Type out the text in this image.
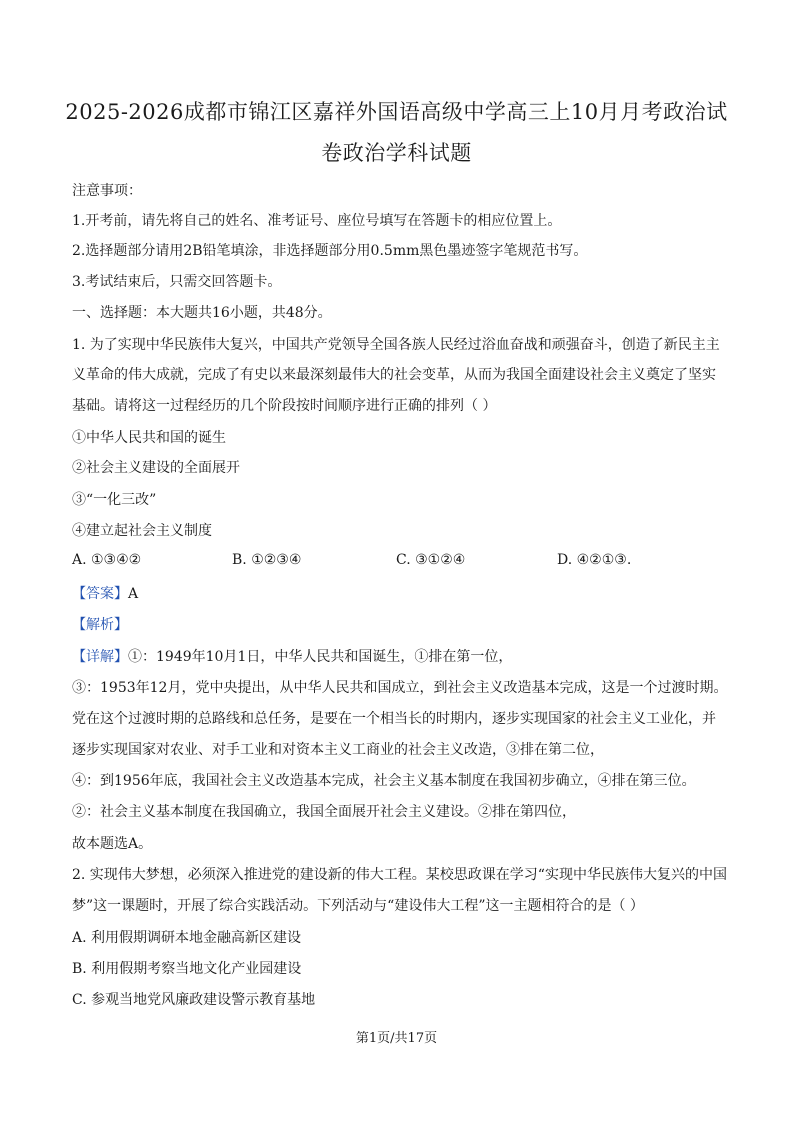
2025-2026成都市锦江区嘉祥外国语高级中学高三上10月月考政治试
卷政治学科试题
注意事项：
1.开考前，请先将自己的姓名、准考证号、座位号填写在答题卡的相应位置上。
2.选择题部分请用2B铅笔填涂，非选择题部分用0.5mm黑色墨迹签字笔规范书写。
3.考试结束后，只需交回答题卡。
一、选择题：本大题共16小题，共48分。
1. 为了实现中华民族伟大复兴，中国共产党领导全国各族人民经过浴血奋战和顽强奋斗，创造了新民主主
义革命的伟大成就，完成了有史以来最深刻最伟大的社会变革，从而为我国全面建设社会主义奠定了坚实
基础。请将这一过程经历的几个阶段按时间顺序进行正确的排列（ ）
①中华人民共和国的诞生
②社会主义建设的全面展开
③“一化三改”
④建立起社会主义制度
A. ①③④②	B. ①②③④	C. ③①②④	D. ④②①③.
【答案】A
【解析】
【详解】①：1949年10月1日，中华人民共和国诞生，①排在第一位，
③：1953年12月，党中央提出，从中华人民共和国成立，到社会主义改造基本完成，这是一个过渡时期。
党在这个过渡时期的总路线和总任务，是要在一个相当长的时期内，逐步实现国家的社会主义工业化，并
逐步实现国家对农业、对手工业和对资本主义工商业的社会主义改造，③排在第二位，
④：到1956年底，我国社会主义改造基本完成，社会主义基本制度在我国初步确立，④排在第三位。
②：社会主义基本制度在我国确立，我国全面展开社会主义建设。②排在第四位，
故本题选A。
2. 实现伟大梦想，必须深入推进党的建设新的伟大工程。某校思政课在学习“实现中华民族伟大复兴的中国
梦”这一课题时，开展了综合实践活动。下列活动与“建设伟大工程”这一主题相符合的是（ ）
A. 利用假期调研本地金融高新区建设
B. 利用假期考察当地文化产业园建设
C. 参观当地党风廉政建设警示教育基地
第1页/共17页
